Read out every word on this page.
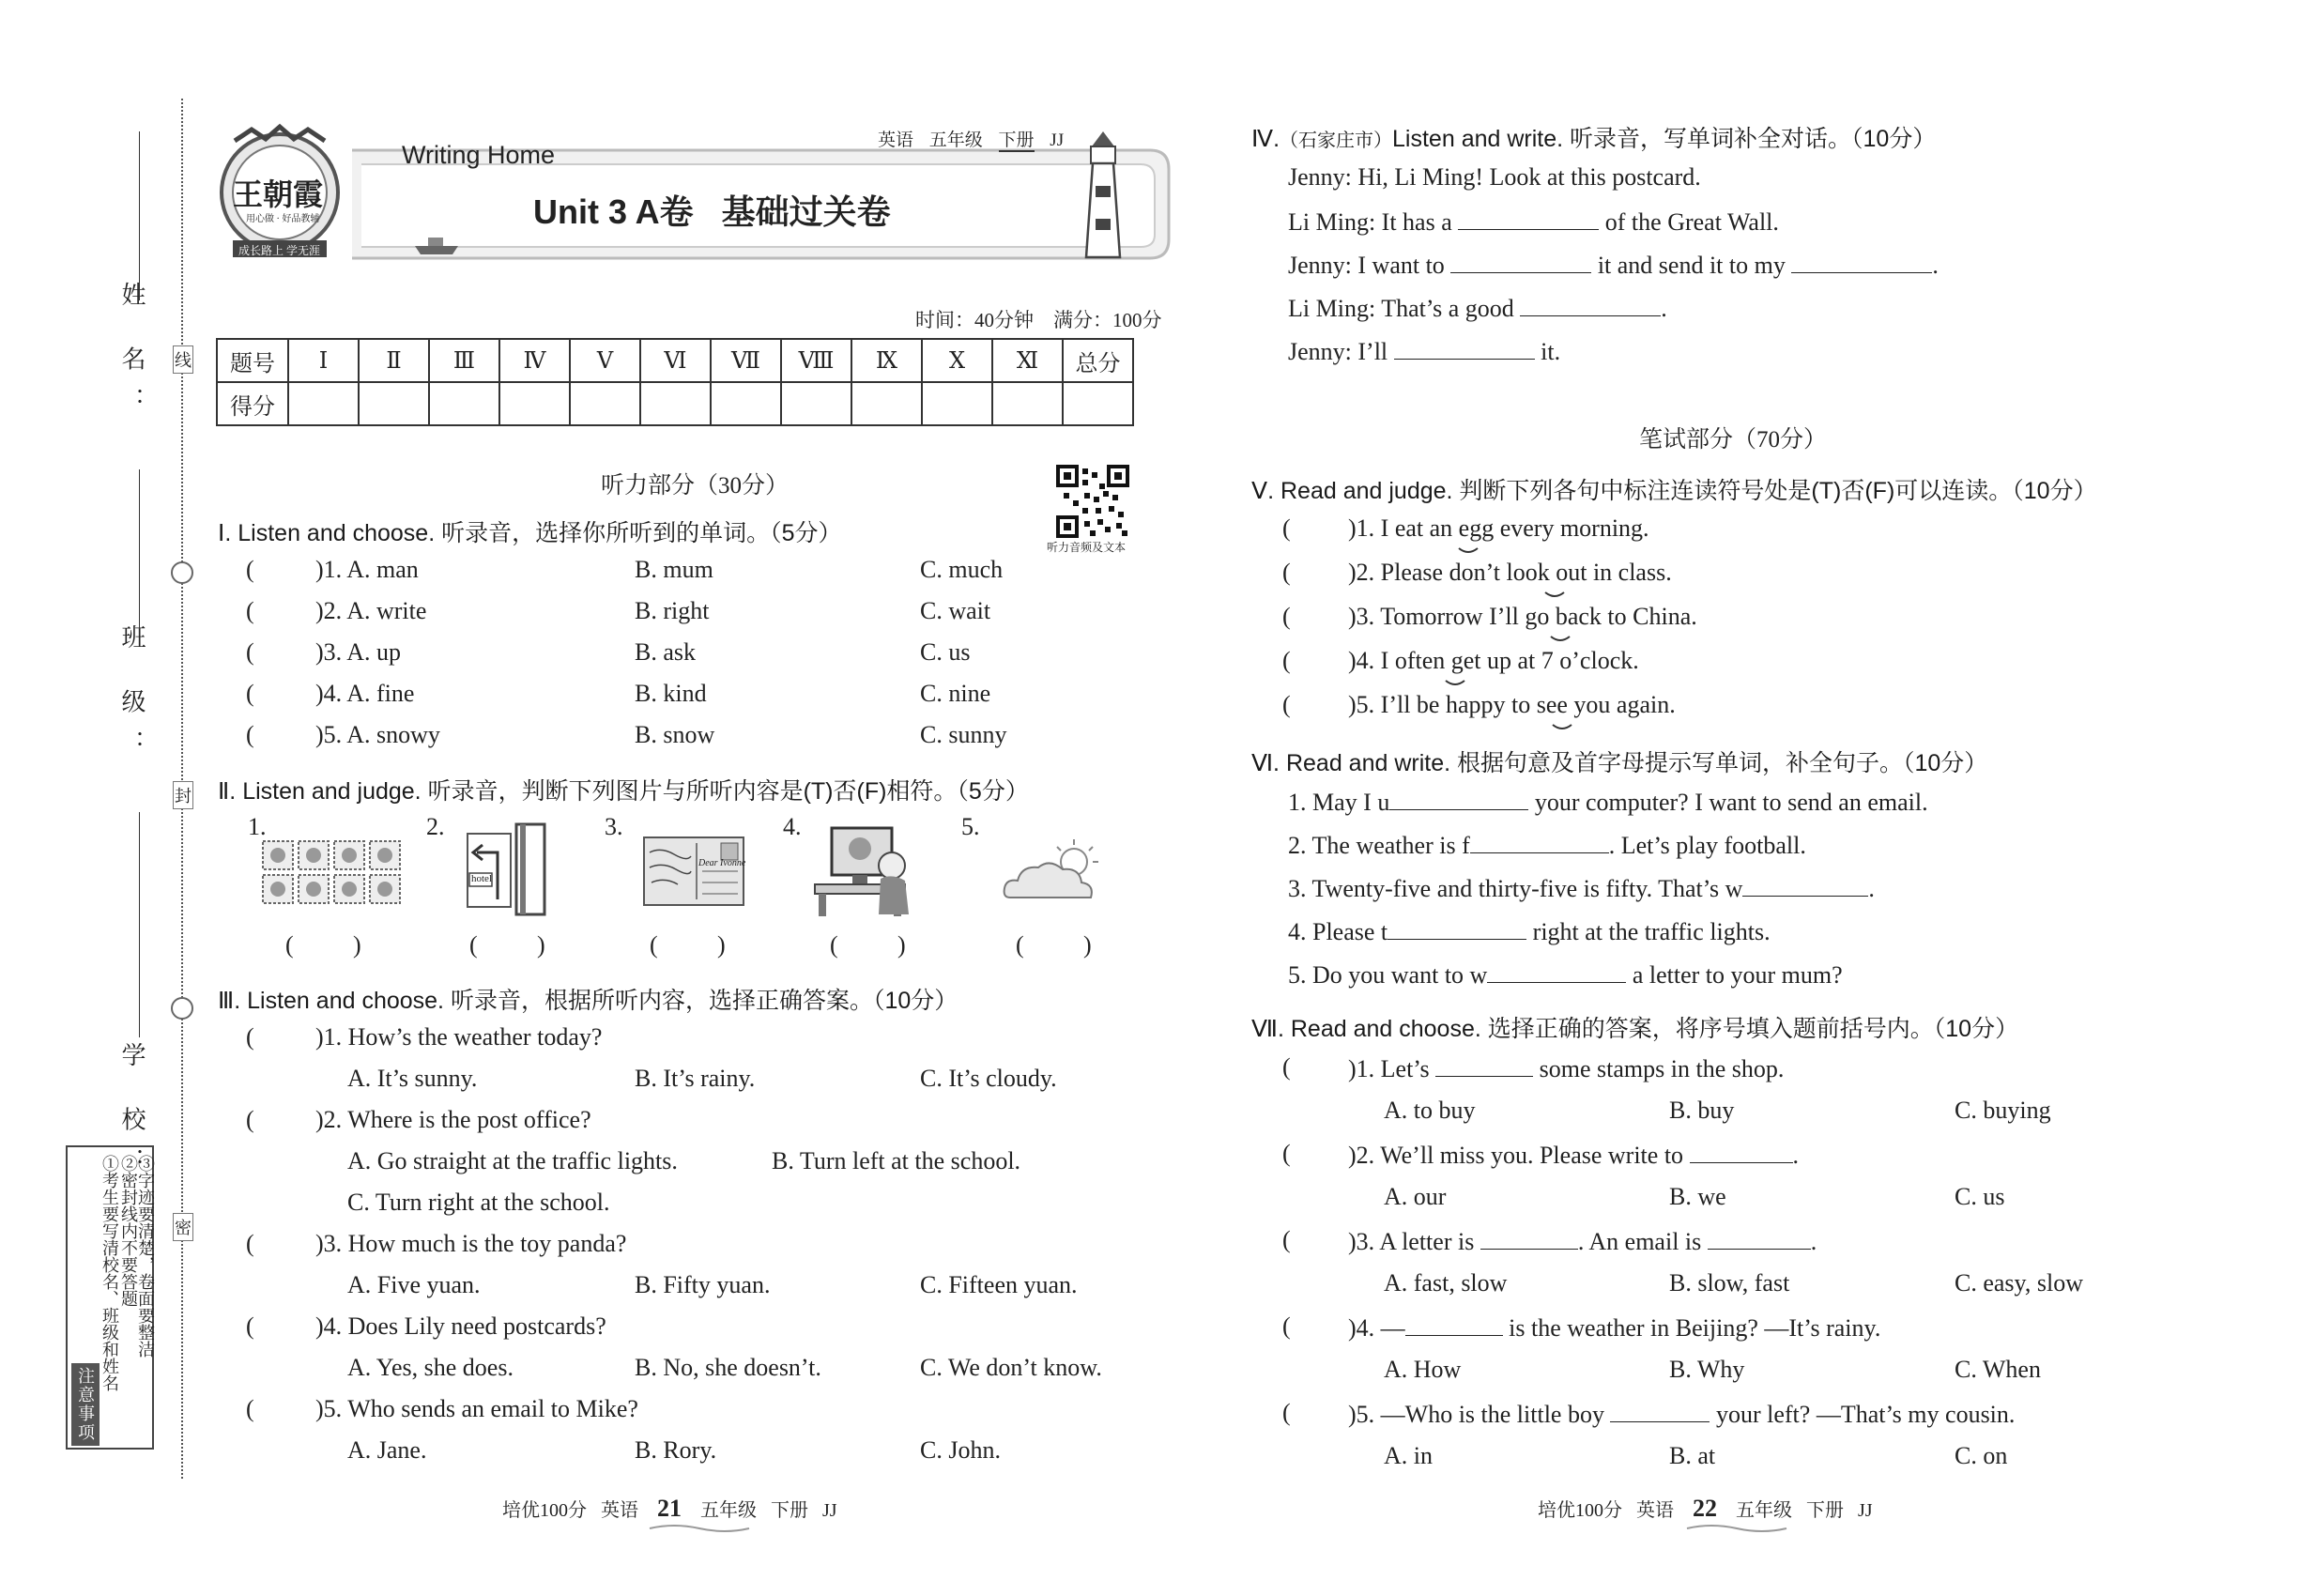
线
封
密
姓 名：
班 级：
学 校：
注意事项
①考生要写清校名、班级和姓名 ②密封线内不要答题
③字迹要清楚，卷面要整洁
王朝霞
用心做 · 好品教辅
成长路上 学无涯
Writing Home
英语 五年级 下册 JJ
Unit 3 A卷   基础过关卷
时间：40分钟    满分：100分
题号	Ⅰ	Ⅱ	Ⅲ	Ⅳ	Ⅴ	Ⅵ	Ⅶ	Ⅷ	Ⅸ	Ⅹ	Ⅺ	总分
得分												
听力部分（30分）
听力音频及文本
Ⅰ. Listen and choose. 听录音，选择你所听到的单词。（5分）
(	)1. A. man	B. mum	C. much
(	)2. A. write	B. right	C. wait
(	)3. A. up	B. ask	C. us
(	)4. A. fine	B. kind	C. nine
(	)5. A. snowy	B. snow	C. sunny
Ⅱ. Listen and judge. 听录音，判断下列图片与所听内容是(T)否(F)相符。（5分）
1.	2.	3.	4.	5.
hotel
Dear Ivonne
( )	( )	( )	( )	( )
Ⅲ. Listen and choose. 听录音，根据所听内容，选择正确答案。（10分）
(	)1. How’s the weather today?
A. It’s sunny.	B. It’s rainy.	C. It’s cloudy.
(	)2. Where is the post office?
A. Go straight at the traffic lights.	B. Turn left at the school.
C. Turn right at the school.
(	)3. How much is the toy panda?
A. Five yuan.	B. Fifty yuan.	C. Fifteen yuan.
(	)4. Does Lily need postcards?
A. Yes, she does.	B. No, she doesn’t.	C. We don’t know.
(	)5. Who sends an email to Mike?
A. Jane.	B. Rory.	C. John.
培优100分 英语 21 五年级 下册 JJ
Ⅳ.（石家庄市）Listen and write. 听录音，写单词补全对话。（10分）
Jenny: Hi, Li Ming! Look at this postcard.
Li Ming: It has a	of the Great Wall.
Jenny: I want to	it and send it to my	.
Li Ming: That’s a good	.
Jenny: I’ll	it.
笔试部分（70分）
Ⅴ. Read and judge. 判断下列各句中标注连读符号处是(T)否(F)可以连读。（10分）
( )1. I eat an egg every morning.
( )2. Please don’t look out in class.
( )3. Tomorrow I’ll go back to China.
( )4. I often get up at 7 o’clock.
( )5. I’ll be happy to see you again.
Ⅵ. Read and write. 根据句意及首字母提示写单词，补全句子。（10分）
1. May I u	your computer? I want to send an email.
2. The weather is f	. Let’s play football.
3. Twenty-five and thirty-five is fifty. That’s w	.
4. Please t	right at the traffic lights.
5. Do you want to w	a letter to your mum?
Ⅶ. Read and choose. 选择正确的答案，将序号填入题前括号内。（10分）
( )1. Let’s	some stamps in the shop.
A. to buy	B. buy	C. buying
( )2. We’ll miss you. Please write to	.
A. our	B. we	C. us
( )3. A letter is	. An email is	.
A. fast, slow	B. slow, fast	C. easy, slow
( )4. —	is the weather in Beijing? —It’s rainy.
A. How	B. Why	C. When
( )5. —Who is the little boy	your left? —That’s my cousin.
A. in	B. at	C. on
培优100分 英语 22 五年级 下册 JJ
